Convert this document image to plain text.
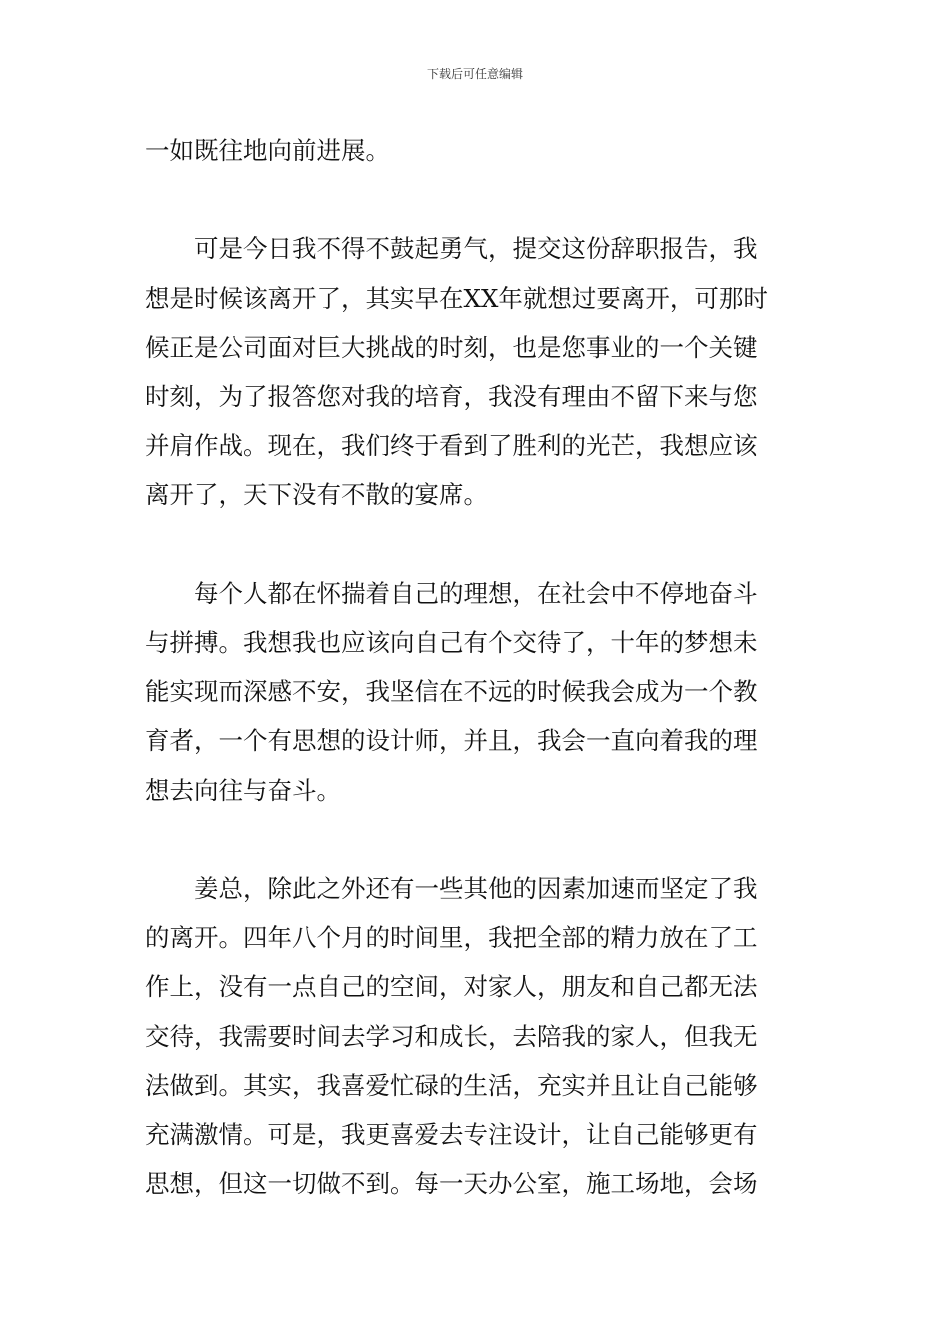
下载后可任意编辑
一如既往地向前进展。
可是今日我不得不鼓起勇气，提交这份辞职报告，我
想是时候该离开了，其实早在XX年就想过要离开，可那时
候正是公司面对巨大挑战的时刻，也是您事业的一个关键
时刻，为了报答您对我的培育，我没有理由不留下来与您
并肩作战。现在，我们终于看到了胜利的光芒，我想应该
离开了，天下没有不散的宴席。
每个人都在怀揣着自己的理想，在社会中不停地奋斗
与拼搏。我想我也应该向自己有个交待了，十年的梦想未
能实现而深感不安，我坚信在不远的时候我会成为一个教
育者，一个有思想的设计师，并且，我会一直向着我的理
想去向往与奋斗。
姜总，除此之外还有一些其他的因素加速而坚定了我
的离开。四年八个月的时间里，我把全部的精力放在了工
作上，没有一点自己的空间，对家人，朋友和自己都无法
交待，我需要时间去学习和成长，去陪我的家人，但我无
法做到。其实，我喜爱忙碌的生活，充实并且让自己能够
充满激情。可是，我更喜爱去专注设计，让自己能够更有
思想，但这一切做不到。每一天办公室，施工场地，会场
